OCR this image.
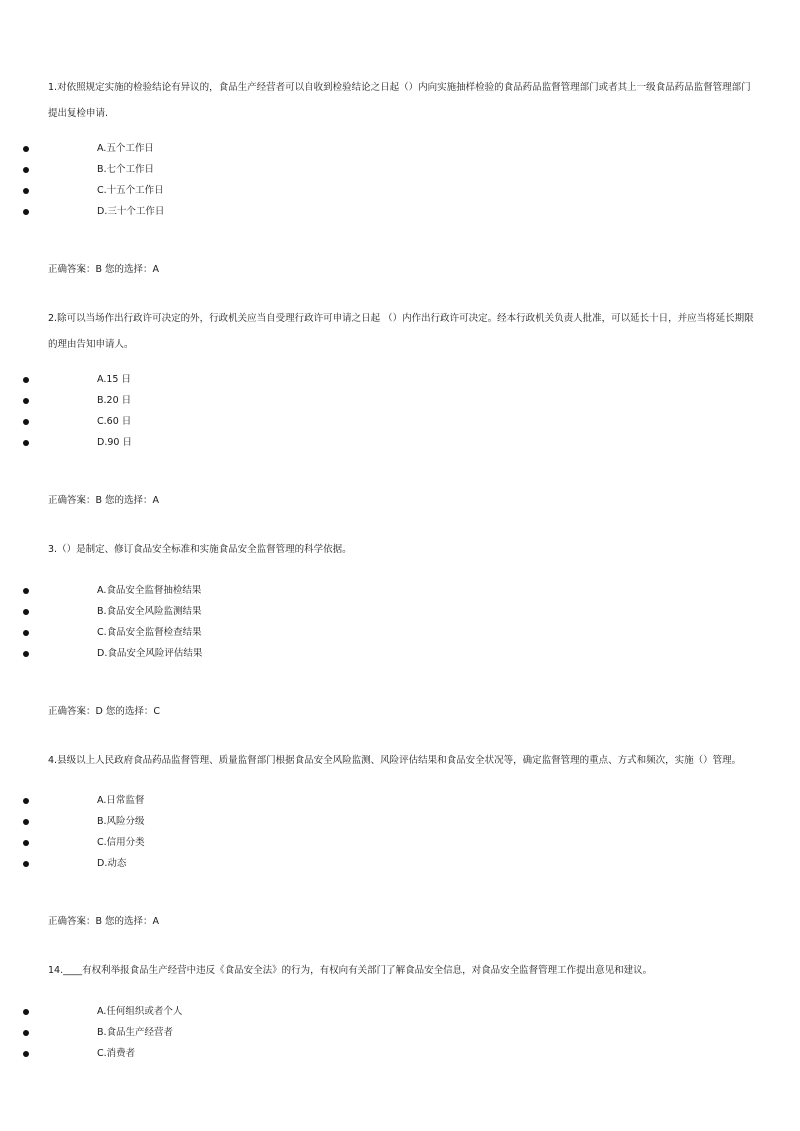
1.对依照规定实施的检验结论有异议的，食品生产经营者可以自收到检验结论之日起（）内向实施抽样检验的食品药品监督管理部门或者其上一级食品药品监督管理部门提出复检申请.
A.五个工作日
B.七个工作日
C.十五个工作日
D.三十个工作日
正确答案：B 您的选择：A
2.除可以当场作出行政许可决定的外，行政机关应当自受理行政许可申请之日起 （）内作出行政许可决定。经本行政机关负责人批准，可以延长十日，并应当将延长期限的理由告知申请人。
A.15 日
B.20 日
C.60 日
D.90 日
正确答案：B 您的选择：A
3.（）是制定、修订食品安全标准和实施食品安全监督管理的科学依据。
A.食品安全监督抽检结果
B.食品安全风险监测结果
C.食品安全监督检查结果
D.食品安全风险评估结果
正确答案：D 您的选择：C
4.县级以上人民政府食品药品监督管理、质量监督部门根据食品安全风险监测、风险评估结果和食品安全状况等，确定监督管理的重点、方式和频次，实施（）管理。
A.日常监督
B.风险分级
C.信用分类
D.动态
正确答案：B 您的选择：A
14.____有权利举报食品生产经营中违反《食品安全法》的行为，有权向有关部门了解食品安全信息，对食品安全监督管理工作提出意见和建议。
A.任何组织或者个人
B.食品生产经营者
C.消费者
